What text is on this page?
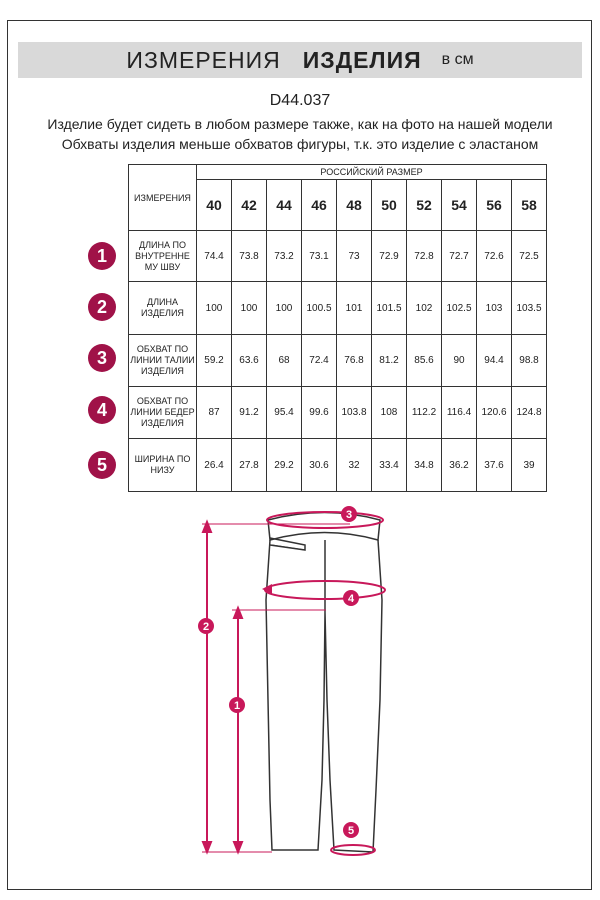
ИЗМЕРЕНИЯ ИЗДЕЛИЯ в см
D44.037
Изделие будет сидеть в любом размере также, как на фото на нашей модели
Обхваты изделия меньше обхватов фигуры, т.к. это изделие с эластаном
ИЗМЕРЕНИЯ	РОССИЙСКИЙ РАЗМЕР									
	40	42	44	46	48	50	52	54	56	58
ДЛИНА ПО ВНУТРЕННЕ МУ ШВУ	74.4	73.8	73.2	73.1	73	72.9	72.8	72.7	72.6	72.5
ДЛИНА ИЗДЕЛИЯ	100	100	100	100.5	101	101.5	102	102.5	103	103.5
ОБХВАТ ПО ЛИНИИ ТАЛИИ ИЗДЕЛИЯ	59.2	63.6	68	72.4	76.8	81.2	85.6	90	94.4	98.8
ОБХВАТ ПО ЛИНИИ БЕДЕР ИЗДЕЛИЯ	87	91.2	95.4	99.6	103.8	108	112.2	116.4	120.6	124.8
ШИРИНА ПО НИЗУ	26.4	27.8	29.2	30.6	32	33.4	34.8	36.2	37.6	39
1
2
3
4
5
1
2
3
4
5
